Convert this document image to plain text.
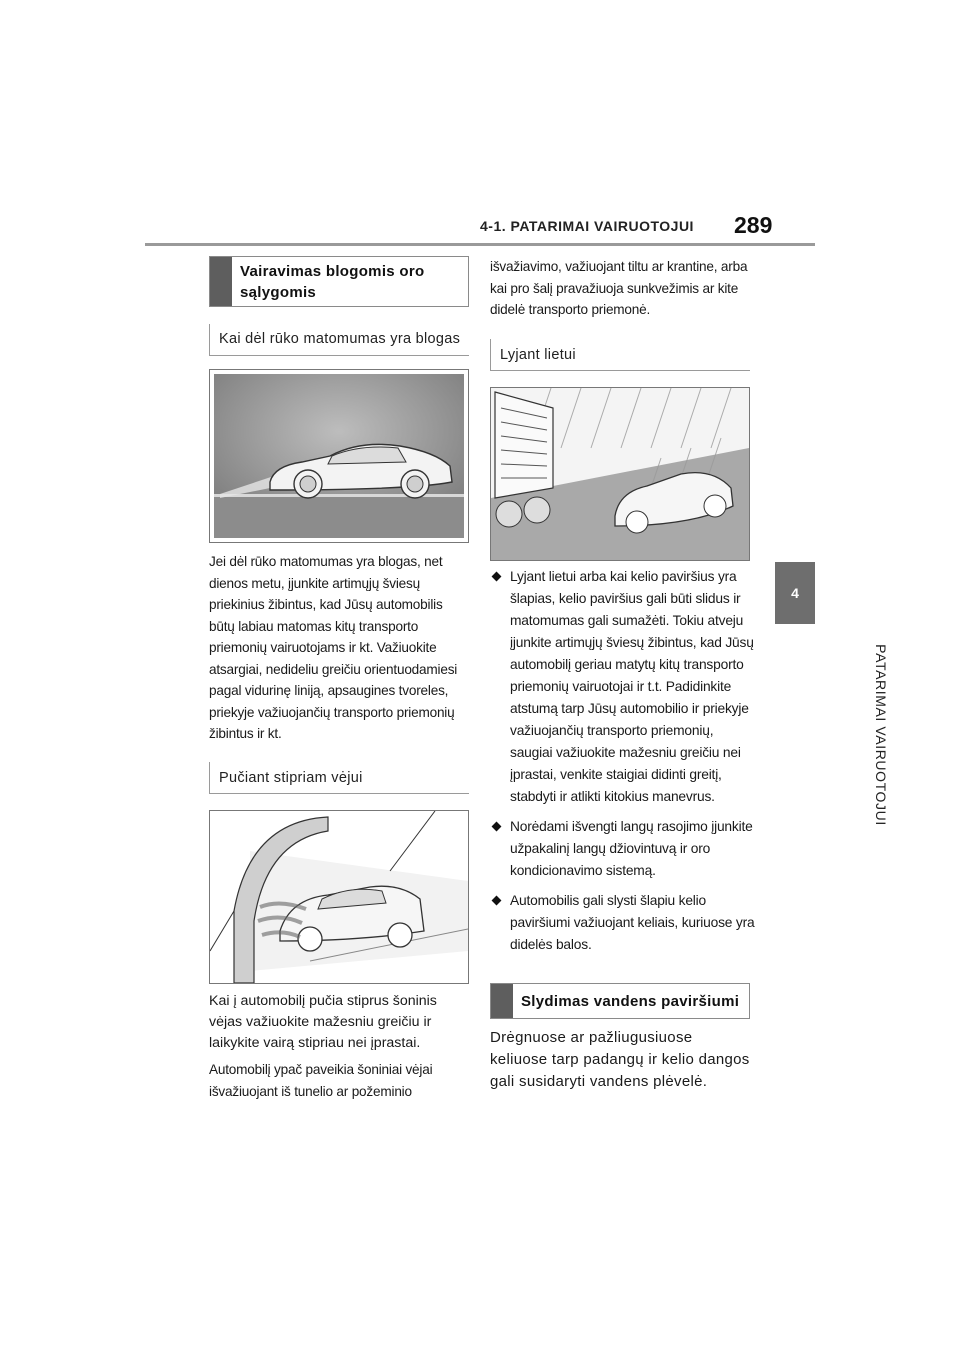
4-1. PATARIMAI VAIRUOTOJUI 289
4
PATARIMAI VAIRUOTOJUI
Vairavimas blogomis oro sąlygomis
Kai dėl rūko matomumas yra blogas
Jei dėl rūko matomumas yra blogas, net dienos metu, įjunkite artimųjų šviesų priekinius žibintus, kad Jūsų automobilis būtų labiau matomas kitų transporto priemonių vairuotojams ir kt. Važiuokite atsargiai, nedideliu greičiu orientuodamiesi pagal vidurinę liniją, apsaugines tvoreles, priekyje važiuojančių transporto priemonių žibintus ir kt.
Pučiant stipriam vėjui
Kai į automobilį pučia stiprus šoninis vėjas važiuokite mažesniu greičiu ir laikykite vairą stipriau nei įprastai.
Automobilį ypač paveikia šoniniai vėjai išvažiuojant iš tunelio ar požeminio
išvažiavimo, važiuojant tiltu ar krantine, arba kai pro šalį pravažiuoja sunkvežimis ar kite didelė transporto priemonė.
Lyjant lietui
Lyjant lietui arba kai kelio paviršius yra šlapias, kelio paviršius gali būti slidus ir matomumas gali sumažėti. Tokiu atveju įjunkite artimųjų šviesų žibintus, kad Jūsų automobilį geriau matytų kitų transporto priemonių vairuotojai ir t.t. Padidinkite atstumą tarp Jūsų automobilio ir priekyje važiuojančių transporto priemonių, saugiai važiuokite mažesniu greičiu nei įprastai, venkite staigiai didinti greitį, stabdyti ir atlikti kitokius manevrus.
Norėdami išvengti langų rasojimo įjunkite užpakalinį langų džiovintuvą ir oro kondicionavimo sistemą.
Automobilis gali slysti šlapiu kelio paviršiumi važiuojant keliais, kuriuose yra didelės balos.
Slydimas vandens paviršiumi
Drėgnuose ar pažliugusiuose keliuose tarp padangų ir kelio dangos gali susidaryti vandens plėvelė.
